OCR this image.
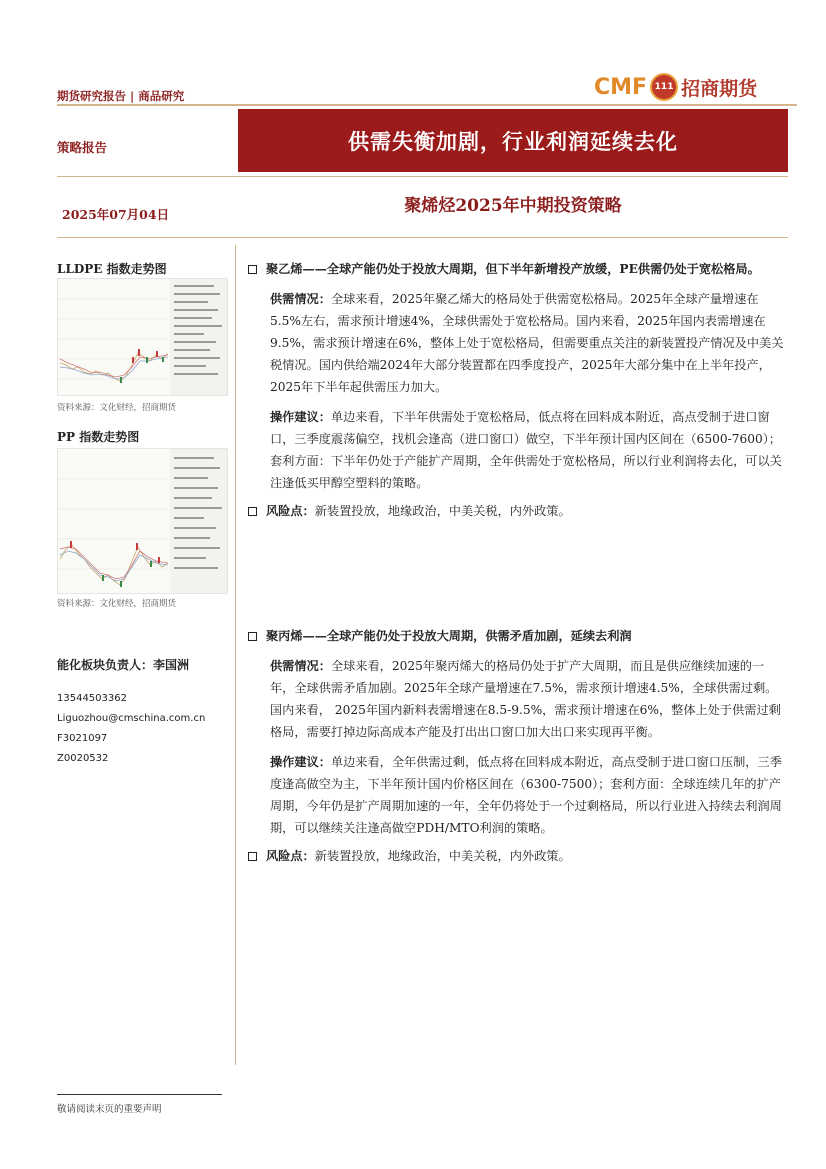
期货研究报告 | 商品研究	CMF 111 招商期货
策略报告	供需失衡加剧，行业利润延续去化
2025年07月04日	聚烯烃2025年中期投资策略
LLDPE 指数走势图
资料来源：文化财经，招商期货
PP 指数走势图
资料来源：文化财经，招商期货
能化板块负责人：李国洲
13544503362
Liguozhou@cmschina.com.cn
F3021097
Z0020532

聚乙烯——全球产能仍处于投放大周期，但下半年新增投产放缓，PE供需仍处于宽松格局。

供需情况：全球来看，2025年聚乙烯大的格局处于供需宽松格局。2025年全球产量增速在5.5%左右，需求预计增速4%，全球供需处于宽松格局。国内来看，2025年国内表需增速在9.5%，需求预计增速在6%，整体上处于宽松格局，但需要重点关注的新装置投产情况及中美关税情况。国内供给端2024年大部分装置都在四季度投产，2025年大部分集中在上半年投产，2025年下半年起供需压力加大。

操作建议：单边来看，下半年供需处于宽松格局，低点将在回料成本附近，高点受制于进口窗口，三季度震荡偏空，找机会逢高（进口窗口）做空，下半年预计国内区间在（6500-7600）；套利方面：下半年仍处于产能扩产周期，全年供需处于宽松格局，所以行业利润将去化，可以关注逢低买甲醇空塑料的策略。

风险点：新装置投放，地缘政治，中美关税，内外政策。

聚丙烯——全球产能仍处于投放大周期，供需矛盾加剧，延续去利润

供需情况：全球来看，2025年聚丙烯大的格局仍处于扩产大周期，而且是供应继续加速的一年，全球供需矛盾加剧。2025年全球产量增速在7.5%，需求预计增速4.5%，全球供需过剩。国内来看， 2025年国内新料表需增速在8.5-9.5%，需求预计增速在6%，整体上处于供需过剩格局，需要打掉边际高成本产能及打出出口窗口加大出口来实现再平衡。

操作建议：单边来看，全年供需过剩，低点将在回料成本附近，高点受制于进口窗口压制，三季度逢高做空为主，下半年预计国内价格区间在（6300-7500）；套利方面：全球连续几年的扩产周期，今年仍是扩产周期加速的一年，全年仍将处于一个过剩格局，所以行业进入持续去利润周期，可以继续关注逢高做空PDH/MTO利润的策略。

风险点：新装置投放，地缘政治，中美关税，内外政策。

敬请阅读末页的重要声明
